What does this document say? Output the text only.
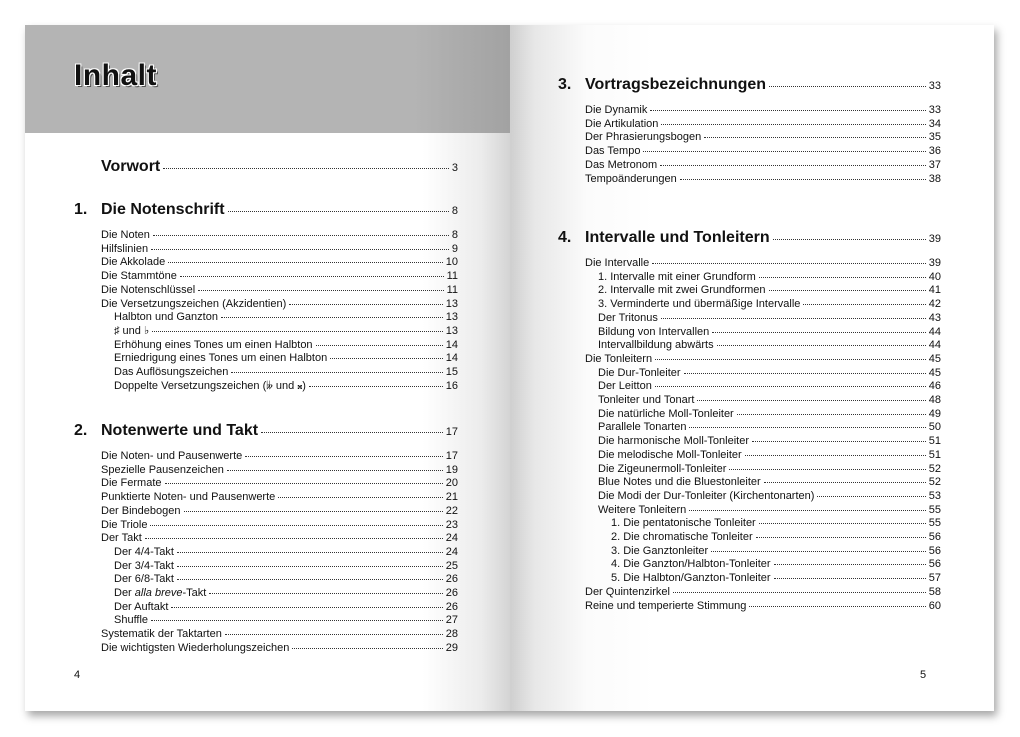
Inhalt
4
Vorwort	3
1. Die Notenschrift	8
Die Noten	8
Hilfslinien	9
Die Akkolade	10
Die Stammtöne	11
Die Notenschlüssel	11
Die Versetzungszeichen (Akzidentien)	13
Halbton und Ganzton	13
♯ und ♭	13
Erhöhung eines Tones um einen Halbton	14
Erniedrigung eines Tones um einen Halbton	14
Das Auflösungszeichen	15
Doppelte Versetzungszeichen (𝄫 und 𝄪)	16
2. Notenwerte und Takt	17
Die Noten- und Pausenwerte	17
Spezielle Pausenzeichen	19
Die Fermate	20
Punktierte Noten- und Pausenwerte	21
Der Bindebogen	22
Die Triole	23
Der Takt	24
Der 4/4-Takt	24
Der 3/4-Takt	25
Der 6/8-Takt	26
Der alla breve-Takt	26
Der Auftakt	26
Shuffle	27
Systematik der Taktarten	28
Die wichtigsten Wiederholungszeichen	29
5
3. Vortragsbezeichnungen	33
Die Dynamik	33
Die Artikulation	34
Der Phrasierungsbogen	35
Das Tempo	36
Das Metronom	37
Tempoänderungen	38
4. Intervalle und Tonleitern	39
Die Intervalle	39
1. Intervalle mit einer Grundform	40
2. Intervalle mit zwei Grundformen	41
3. Verminderte und übermäßige Intervalle	42
Der Tritonus	43
Bildung von Intervallen	44
Intervallbildung abwärts	44
Die Tonleitern	45
Die Dur-Tonleiter	45
Der Leitton	46
Tonleiter und Tonart	48
Die natürliche Moll-Tonleiter	49
Parallele Tonarten	50
Die harmonische Moll-Tonleiter	51
Die melodische Moll-Tonleiter	51
Die Zigeunermoll-Tonleiter	52
Blue Notes und die Bluestonleiter	52
Die Modi der Dur-Tonleiter (Kirchentonarten)	53
Weitere Tonleitern	55
1. Die pentatonische Tonleiter	55
2. Die chromatische Tonleiter	56
3. Die Ganztonleiter	56
4. Die Ganzton/Halbton-Tonleiter	56
5. Die Halbton/Ganzton-Tonleiter	57
Der Quintenzirkel	58
Reine und temperierte Stimmung	60
